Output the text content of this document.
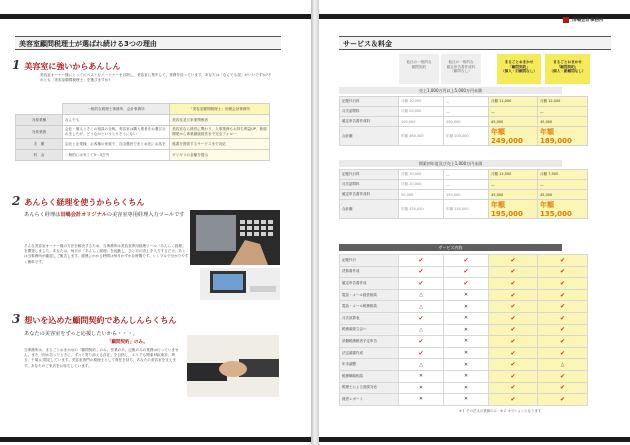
美容室顧問税理士が選ばれ続ける3つの理由
1 美容室に強いからあんしん
美容室オーナー様にとってのベストなパートナーを目指し、美容室に集中して、業務を絞っています。あなたは「なんでも屋」がいいですか?それとも「美容室顧問税理士」を選びますか?
	一般的な税理士事務所、会計事務所	「美容室顧問税理士」田嶋会計事務所
対象業種	なんでも	美容室並び家業関係者
対象業務	会社・個人とそこの相談の全般。美容室は購入業者をお選びされましたが、どうなかというとりそうにない	美容室なら経営に関わり、人事業務もお持ち利益UP、新規開業から事業継続経営まで完全フォロー
手　順	会社と企業様、お客様の家族で、自由選択でまとめ先にお話を	秘書を提供するサービスまで対応
料　金	一般的には安くて5〜3万円	ギリギリの金額を提示
2 あんらく経理を使うかららくちん
あんらく経理は田嶋会計オリジナルの美容室専用経理入力ツールです
そんな美容室オーナー様の方法を解決するため、当事務所は美容室専用経理ツール「あんらく経理」を開発しました。あなたは、毎日の「あんらく経理」を起動し、ひと月の売上を入力するだけ。あとは当事務所が確認しご報告します。経理にかかる時間は毎月わずかな時間です。シンプルで分かりやすく簡単です。
3 想いを込めた顧問契約であんしんらくちん
あなたの美容室をずっと応援したいから・・・。
「顧問契約」のみ。
当事務所は、まるごとおまかせの「顧問契約」のみ。作業のあ、記帳のみの業務は行っていません。また「何かあったときに、ずっと寄り添える存在」を目指し、エリアも関東3県(東京、埼玉、千葉)に限定しています。美容室専門の税理士として責任を持ち、あなたの美容室を支えます。あなたのご来店をお待ちしています。
田嶋会計事務所
サービス＆料金
他社の一般的な
顧問契約
他社の一般的な
確定申告書作成料
（顧問なし）
まるごとおまかせ
「顧問契約」
（個人・旧顧問なし）
まるごとおまかせ
「顧問契約」
（個人・新顧問なし）
売上1,000万円以上5,000万円未満
記帳代行料	月額 10,000	―	月額 11,000	月額 12,000
月次訪問料	月額 20,000	―	―	―
確定申告書作成料	100,000	200,000	45,000	45,000
合計額	年額 460,000	年額 200,000	年額 249,000	年額 189,000
開業初年度及び売上1,000万円未満
記帳代行料	月額 10,000	―	月額 12,500	月額 7,500
月次訪問料	月額 20,000	―	―	―
確定申告書作成料	90,000	150,000	45,000	45,000
合計額	年額 330,000	年額 150,000	年額 195,000	年額 135,000
サービス内容
記帳代行	✔	✔	✔	✔
決算書作成	✔	✔	✔	✔
確定申告書作成	✔	✔	✔	✔
電話・メール経営相談	△	✕	✔	✔
電話・メール税務相談	△	✕	✔	✔
月次試算表	✔	✕	✔	✔
税務調査立会い	△	✕	✔	✔
消費税納税者予定申告	✔	✕	✔	✔
法定調書作成	✔	✕	✔	✔
年末調整	△	✕	✔	△
税務戦略相談	✕	✕	✔	✔
税理士による面談対応	✕	✕	✔	✔
経営レポート	✕	✕	✔	✔
※１ その法人の業務のみ　※２ オプションとなります
